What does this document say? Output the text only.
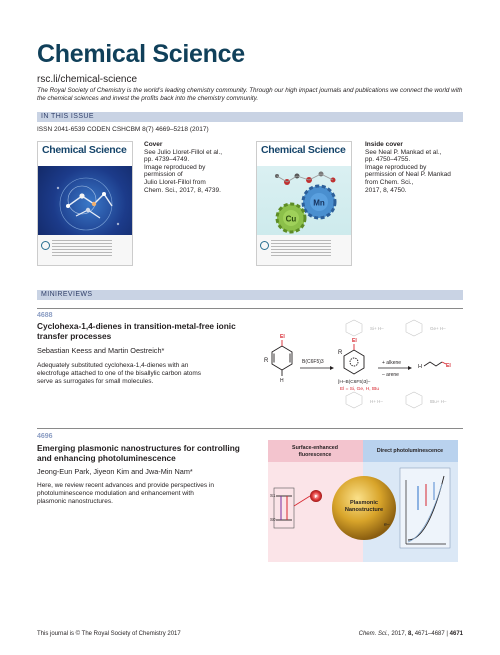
Chemical Science
rsc.li/chemical-science
The Royal Society of Chemistry is the world’s leading chemistry community. Through our high impact journals and publications we connect the world with the chemical sciences and invest the profits back into the chemistry community.
IN THIS ISSUE
ISSN 2041-6539 CODEN CSHCBM 8(7) 4669–5218 (2017)
Chemical Science	Cover
See Julio Lloret-Fillol et al.,
pp. 4739–4749.
Image reproduced by
permission of
Julio Lloret-Fillol from
Chem. Sci., 2017, 8, 4739.
Chemical Science
Mn
Cu
Inside cover
See Neal P. Mankad et al.,
pp. 4750–4755.
Image reproduced by
permission of Neal P. Mankad
from Chem. Sci.,
2017, 8, 4750.
MINIREVIEWS
4688
Cyclohexa-1,4-dienes in transition-metal-free ionic
transfer processes
Sebastian Keess and Martin Oestreich*
Adequately substituted cyclohexa-1,4-dienes with an
electrofuge attached to one of the bisallylic carbon atoms
serve as surrogates for small molecules.
Si+ H–	Ge+ H–
H+ H–	tBu+ H–
El
R
H
B(C6F5)3
El
R
[H–B(C6F5)3]–
El = Si, Ge, H, tBu
+ alkene
– arene
H	El
4696
Emerging plasmonic nanostructures for controlling
and enhancing photoluminescence
Jeong-Eun Park, Jiyeon Kim and Jwa-Min Nam*
Here, we review recent advances and provide perspectives in
photoluminescence modulation and enhancement with
plasmonic nanostructures.
Surface-enhanced
fluorescence
Direct photoluminescence
S1
S0
F
Plasmonic
Nanostructure
e–
This journal is © The Royal Society of Chemistry 2017	Chem. Sci., 2017, 8, 4671–4687 | 4671
